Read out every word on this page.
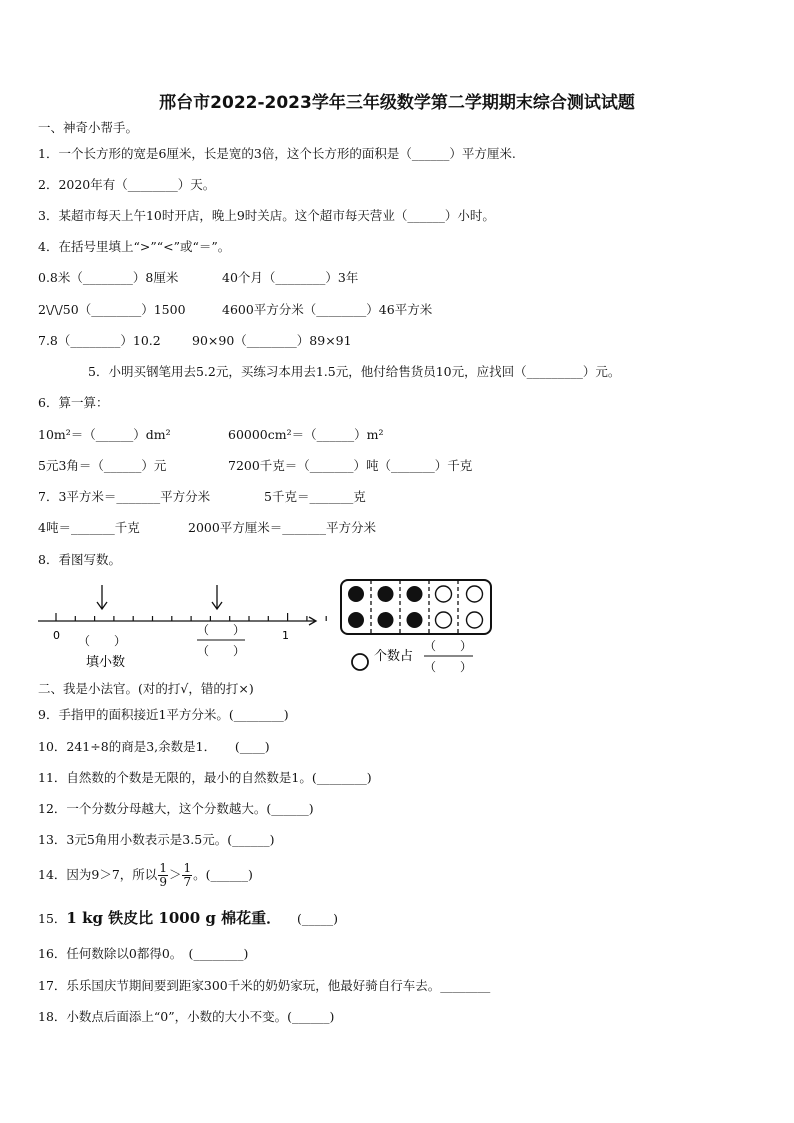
邢台市2022-2023学年三年级数学第二学期期末综合测试试题
一、神奇小帮手。
1．一个长方形的宽是6厘米，长是宽的3倍，这个长方形的面积是（______）平方厘米.
2．2020年有（________）天。
3．某超市每天上午10时开店，晚上9时关店。这个超市每天营业（______）小时。
4．在括号里填上“>”“<”或“＝”。
0.8米（________）8厘米	40个月（________）3年
2\/\/50（________）1500	4600平方分米（________）46平方米
7.8（________）10.2	90×90（________）89×91
5．小明买钢笔用去5.2元，买练习本用去1.5元，他付给售货员10元，应找回（_________）元。
6．算一算：
10m²＝（______）dm²	60000cm²＝（______）m²
5元3角＝（______）元	7200千克＝（_______）吨（_______）千克
7．3平方米＝_______平方分米	5千克＝_______克
4吨＝_______千克	2000平方厘米＝_______平方分米
8．看图写数。
0	1
（　　）
填小数
（　　）
（　　）	个数占
（　　）
（　　）
二、我是小法官。(对的打√，错的打×)
9．手指甲的面积接近1平方分米。(________)
10．241÷8的商是3,余数是1．　　(____)
11．自然数的个数是无限的，最小的自然数是1。(________)
12．一个分数分母越大，这个分数越大。(______)
13．3元5角用小数表示是3.5元。(______)
14．因为9＞7，所以 $\frac{1}{9} > \frac{1}{7}$ 。(______)
15．1 kg 铁皮比 1000 g 棉花重． (_____)
16．任何数除以0都得0。　(________)
17．乐乐国庆节期间要到距家300千米的奶奶家玩，他最好骑自行车去。________
18．小数点后面添上“0”，小数的大小不变。(______)
